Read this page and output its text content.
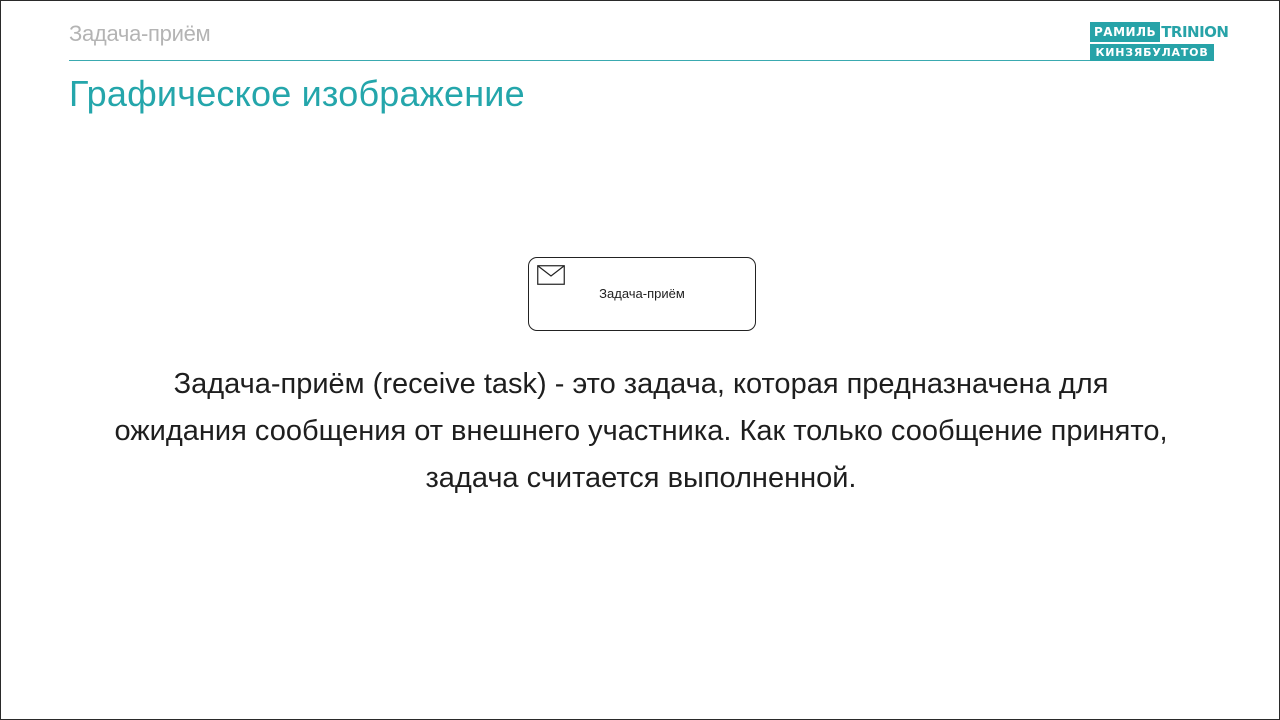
Задача-приём	РАМИЛЬ TRINION
КИНЗЯБУЛАТОВ
Графическое изображение
Задача-приём

Задача-приём (receive task) - это задача, которая предназначена для
ожидания сообщения от внешнего участника. Как только сообщение принято,
задача считается выполненной.
